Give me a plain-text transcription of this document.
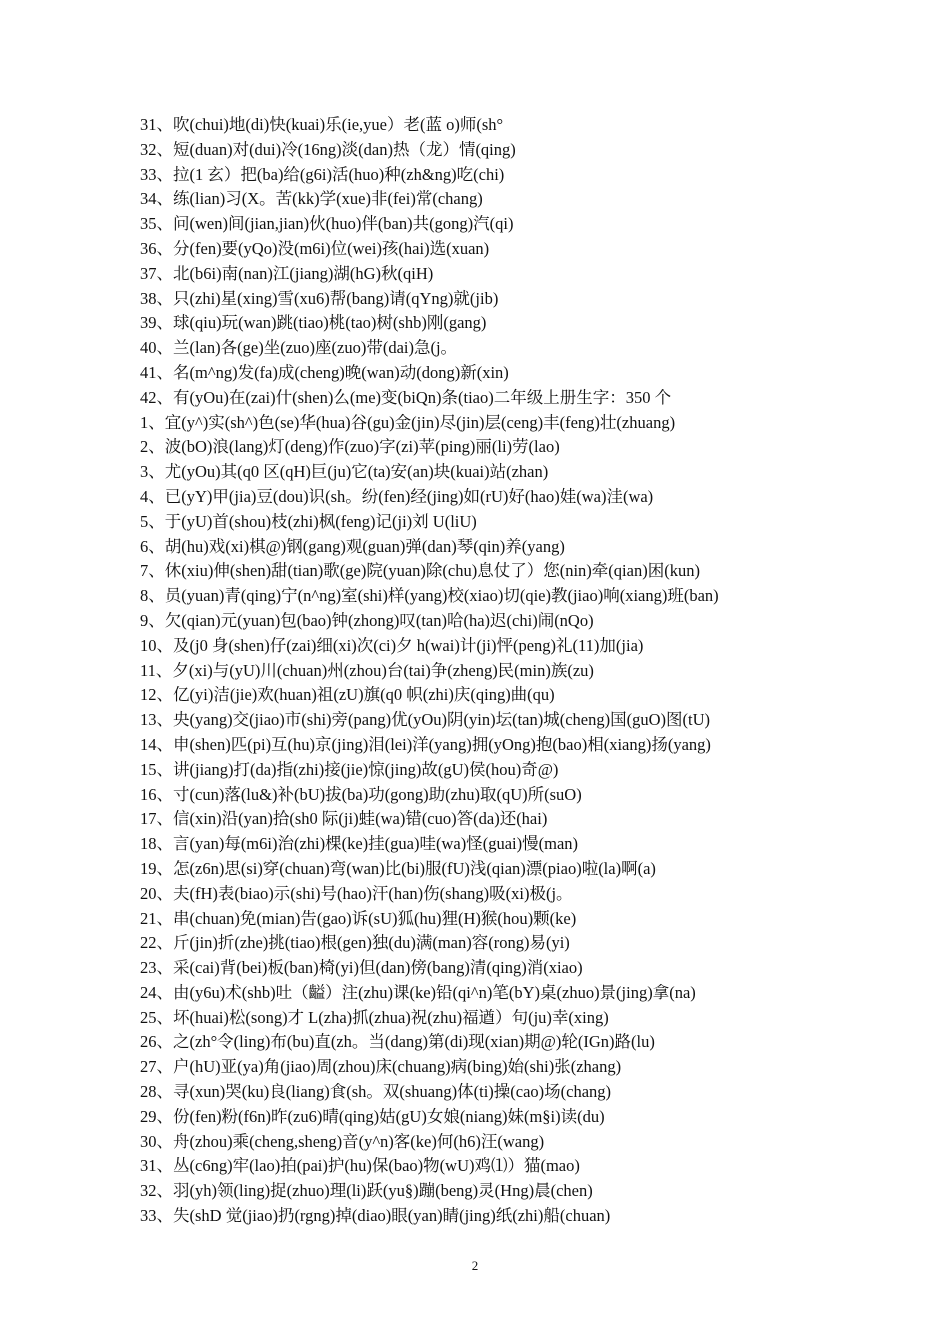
31、吹(chui)地(di)快(kuai)乐(ie,yue）老(蓝 o)师(sh°
32、短(duan)对(dui)冷(16ng)淡(dan)热（龙）情(qing)
33、拉(1 玄）把(ba)给(g6i)活(huo)种(zh&ng)吃(chi)
34、练(lian)习(X。苦(kk)学(xue)非(fei)常(chang)
35、问(wen)间(jian,jian)伙(huo)伴(ban)共(gong)汽(qi)
36、分(fen)要(yQo)没(m6i)位(wei)孩(hai)选(xuan)
37、北(b6i)南(nan)江(jiang)湖(hG)秋(qiH)
38、只(zhi)星(xing)雪(xu6)帮(bang)请(qYng)就(jib)
39、球(qiu)玩(wan)跳(tiao)桃(tao)树(shb)刚(gang)
40、兰(lan)各(ge)坐(zuo)座(zuo)带(dai)急(j。
41、名(m^ng)发(fa)成(cheng)晚(wan)动(dong)新(xin)
42、有(yOu)在(zai)什(shen)么(me)变(biQn)条(tiao)二年级上册生字：350 个
1、宜(y^)实(sh^)色(se)华(hua)谷(gu)金(jin)尽(jin)层(ceng)丰(feng)壮(zhuang)
2、波(bO)浪(lang)灯(deng)作(zuo)字(zi)苹(ping)丽(li)劳(lao)
3、尤(yOu)其(q0 区(qH)巨(ju)它(ta)安(an)块(kuai)站(zhan)
4、已(yY)甲(jia)豆(dou)识(sh。纷(fen)经(jing)如(rU)好(hao)娃(wa)洼(wa)
5、于(yU)首(shou)枝(zhi)枫(feng)记(ji)刘 U(liU)
6、胡(hu)戏(xi)棋@)钢(gang)观(guan)弹(dan)琴(qin)养(yang)
7、休(xiu)伸(shen)甜(tian)歌(ge)院(yuan)除(chu)息仗了）您(nin)牵(qian)困(kun)
8、员(yuan)青(qing)宁(n^ng)室(shi)样(yang)校(xiao)切(qie)教(jiao)响(xiang)班(ban)
9、欠(qian)元(yuan)包(bao)钟(zhong)叹(tan)哈(ha)迟(chi)闹(nQo)
10、及(j0 身(shen)仔(zai)细(xi)次(ci)夕 h(wai)计(ji)怦(peng)礼(11)加(jia)
11、夕(xi)与(yU)川(chuan)州(zhou)台(tai)争(zheng)民(min)族(zu)
12、亿(yi)洁(jie)欢(huan)祖(zU)旗(q0 帜(zhi)庆(qing)曲(qu)
13、央(yang)交(jiao)市(shi)旁(pang)优(yOu)阴(yin)坛(tan)城(cheng)国(guO)图(tU)
14、申(shen)匹(pi)互(hu)京(jing)泪(lei)洋(yang)拥(yOng)抱(bao)相(xiang)扬(yang)
15、讲(jiang)打(da)指(zhi)接(jie)惊(jing)故(gU)侯(hou)奇@)
16、寸(cun)落(lu&)补(bU)拔(ba)功(gong)助(zhu)取(qU)所(suO)
17、信(xin)沿(yan)拾(sh0 际(ji)蛙(wa)错(cuo)答(da)还(hai)
18、言(yan)每(m6i)治(zhi)棵(ke)挂(gua)哇(wa)怪(guai)慢(man)
19、怎(z6n)思(si)穿(chuan)弯(wan)比(bi)服(fU)浅(qian)漂(piao)啦(la)啊(a)
20、夫(fH)表(biao)示(shi)号(hao)汗(han)伤(shang)吸(xi)极(j。
21、串(chuan)免(mian)告(gao)诉(sU)狐(hu)狸(H)猴(hou)颗(ke)
22、斤(jin)折(zhe)挑(tiao)根(gen)独(du)满(man)容(rong)易(yi)
23、采(cai)背(bei)板(ban)椅(yi)但(dan)傍(bang)清(qing)消(xiao)
24、由(y6u)术(shb)吐（齸）注(zhu)课(ke)铅(qi^n)笔(bY)桌(zhuo)景(jing)拿(na)
25、坏(huai)松(song)才 L(zha)抓(zhua)祝(zhu)福遒）句(ju)幸(xing)
26、之(zh°令(ling)布(bu)直(zh。当(dang)第(di)现(xian)期@)轮(IGn)路(lu)
27、户(hU)亚(ya)角(jiao)周(zhou)床(chuang)病(bing)始(shi)张(zhang)
28、寻(xun)哭(ku)良(liang)食(sh。双(shuang)体(ti)操(cao)场(chang)
29、份(fen)粉(f6n)昨(zu6)晴(qing)姑(gU)女娘(niang)妹(m§i)读(du)
30、舟(zhou)乘(cheng,sheng)音(y^n)客(ke)何(h6)汪(wang)
31、丛(c6ng)牢(lao)拍(pai)护(hu)保(bao)物(wU)鸡⑴）猫(mao)
32、羽(yh)领(ling)捉(zhuo)理(li)跃(yu§)蹦(beng)灵(Hng)晨(chen)
33、失(shD 觉(jiao)扔(rgng)掉(diao)眼(yan)睛(jing)纸(zhi)船(chuan)
2
